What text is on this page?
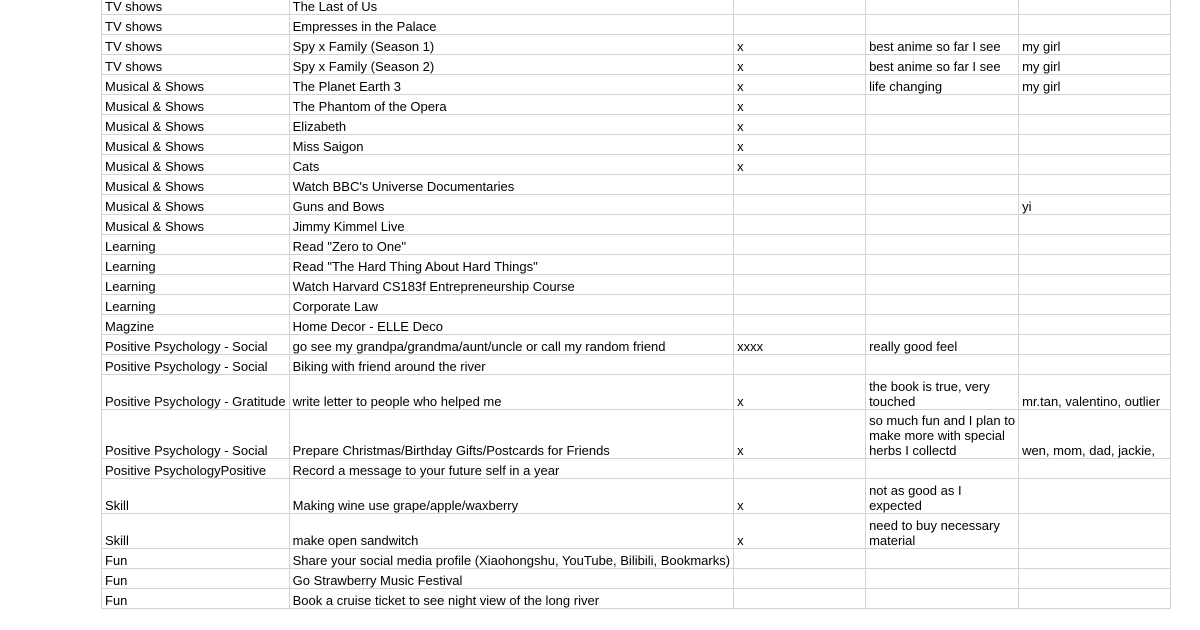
TV shows	The Last of Us			
TV shows	Empresses in the Palace			
TV shows	Spy x Family (Season 1)	x	best anime so far I see	my girl
TV shows	Spy x Family (Season 2)	x	best anime so far I see	my girl
Musical & Shows	The Planet Earth 3	x	life changing	my girl
Musical & Shows	The Phantom of the Opera	x		
Musical & Shows	Elizabeth	x		
Musical & Shows	Miss Saigon	x		
Musical & Shows	Cats	x		
Musical & Shows	Watch BBC's Universe Documentaries			
Musical & Shows	Guns and Bows			yi
Musical & Shows	Jimmy Kimmel Live			
Learning	Read "Zero to One"			
Learning	Read "The Hard Thing About Hard Things"			
Learning	Watch Harvard CS183f Entrepreneurship Course			
Learning	Corporate Law			
Magzine	Home Decor - ELLE Deco			
Positive Psychology - Social	go see my grandpa/grandma/aunt/uncle or call my random friend	xxxx	really good feel	
Positive Psychology - Social	Biking with friend around the river			
Positive Psychology - Gratitude	write letter to people who helped me	x	the book is true, very touched	mr.tan, valentino, outlier
Positive Psychology - Social	Prepare Christmas/Birthday Gifts/Postcards for Friends	x	so much fun and I plan to make more with special herbs I collectd	wen, mom, dad, jackie,
Positive PsychologyPositive	Record a message to your future self in a year			
Skill	Making wine use grape/apple/waxberry	x	not as good as I expected	
Skill	make open sandwitch	x	need to buy necessary material	
Fun	Share your social media profile (Xiaohongshu, YouTube, Bilibili, Bookmarks)			
Fun	Go Strawberry Music Festival			
Fun	Book a cruise ticket to see night view of the long river			
